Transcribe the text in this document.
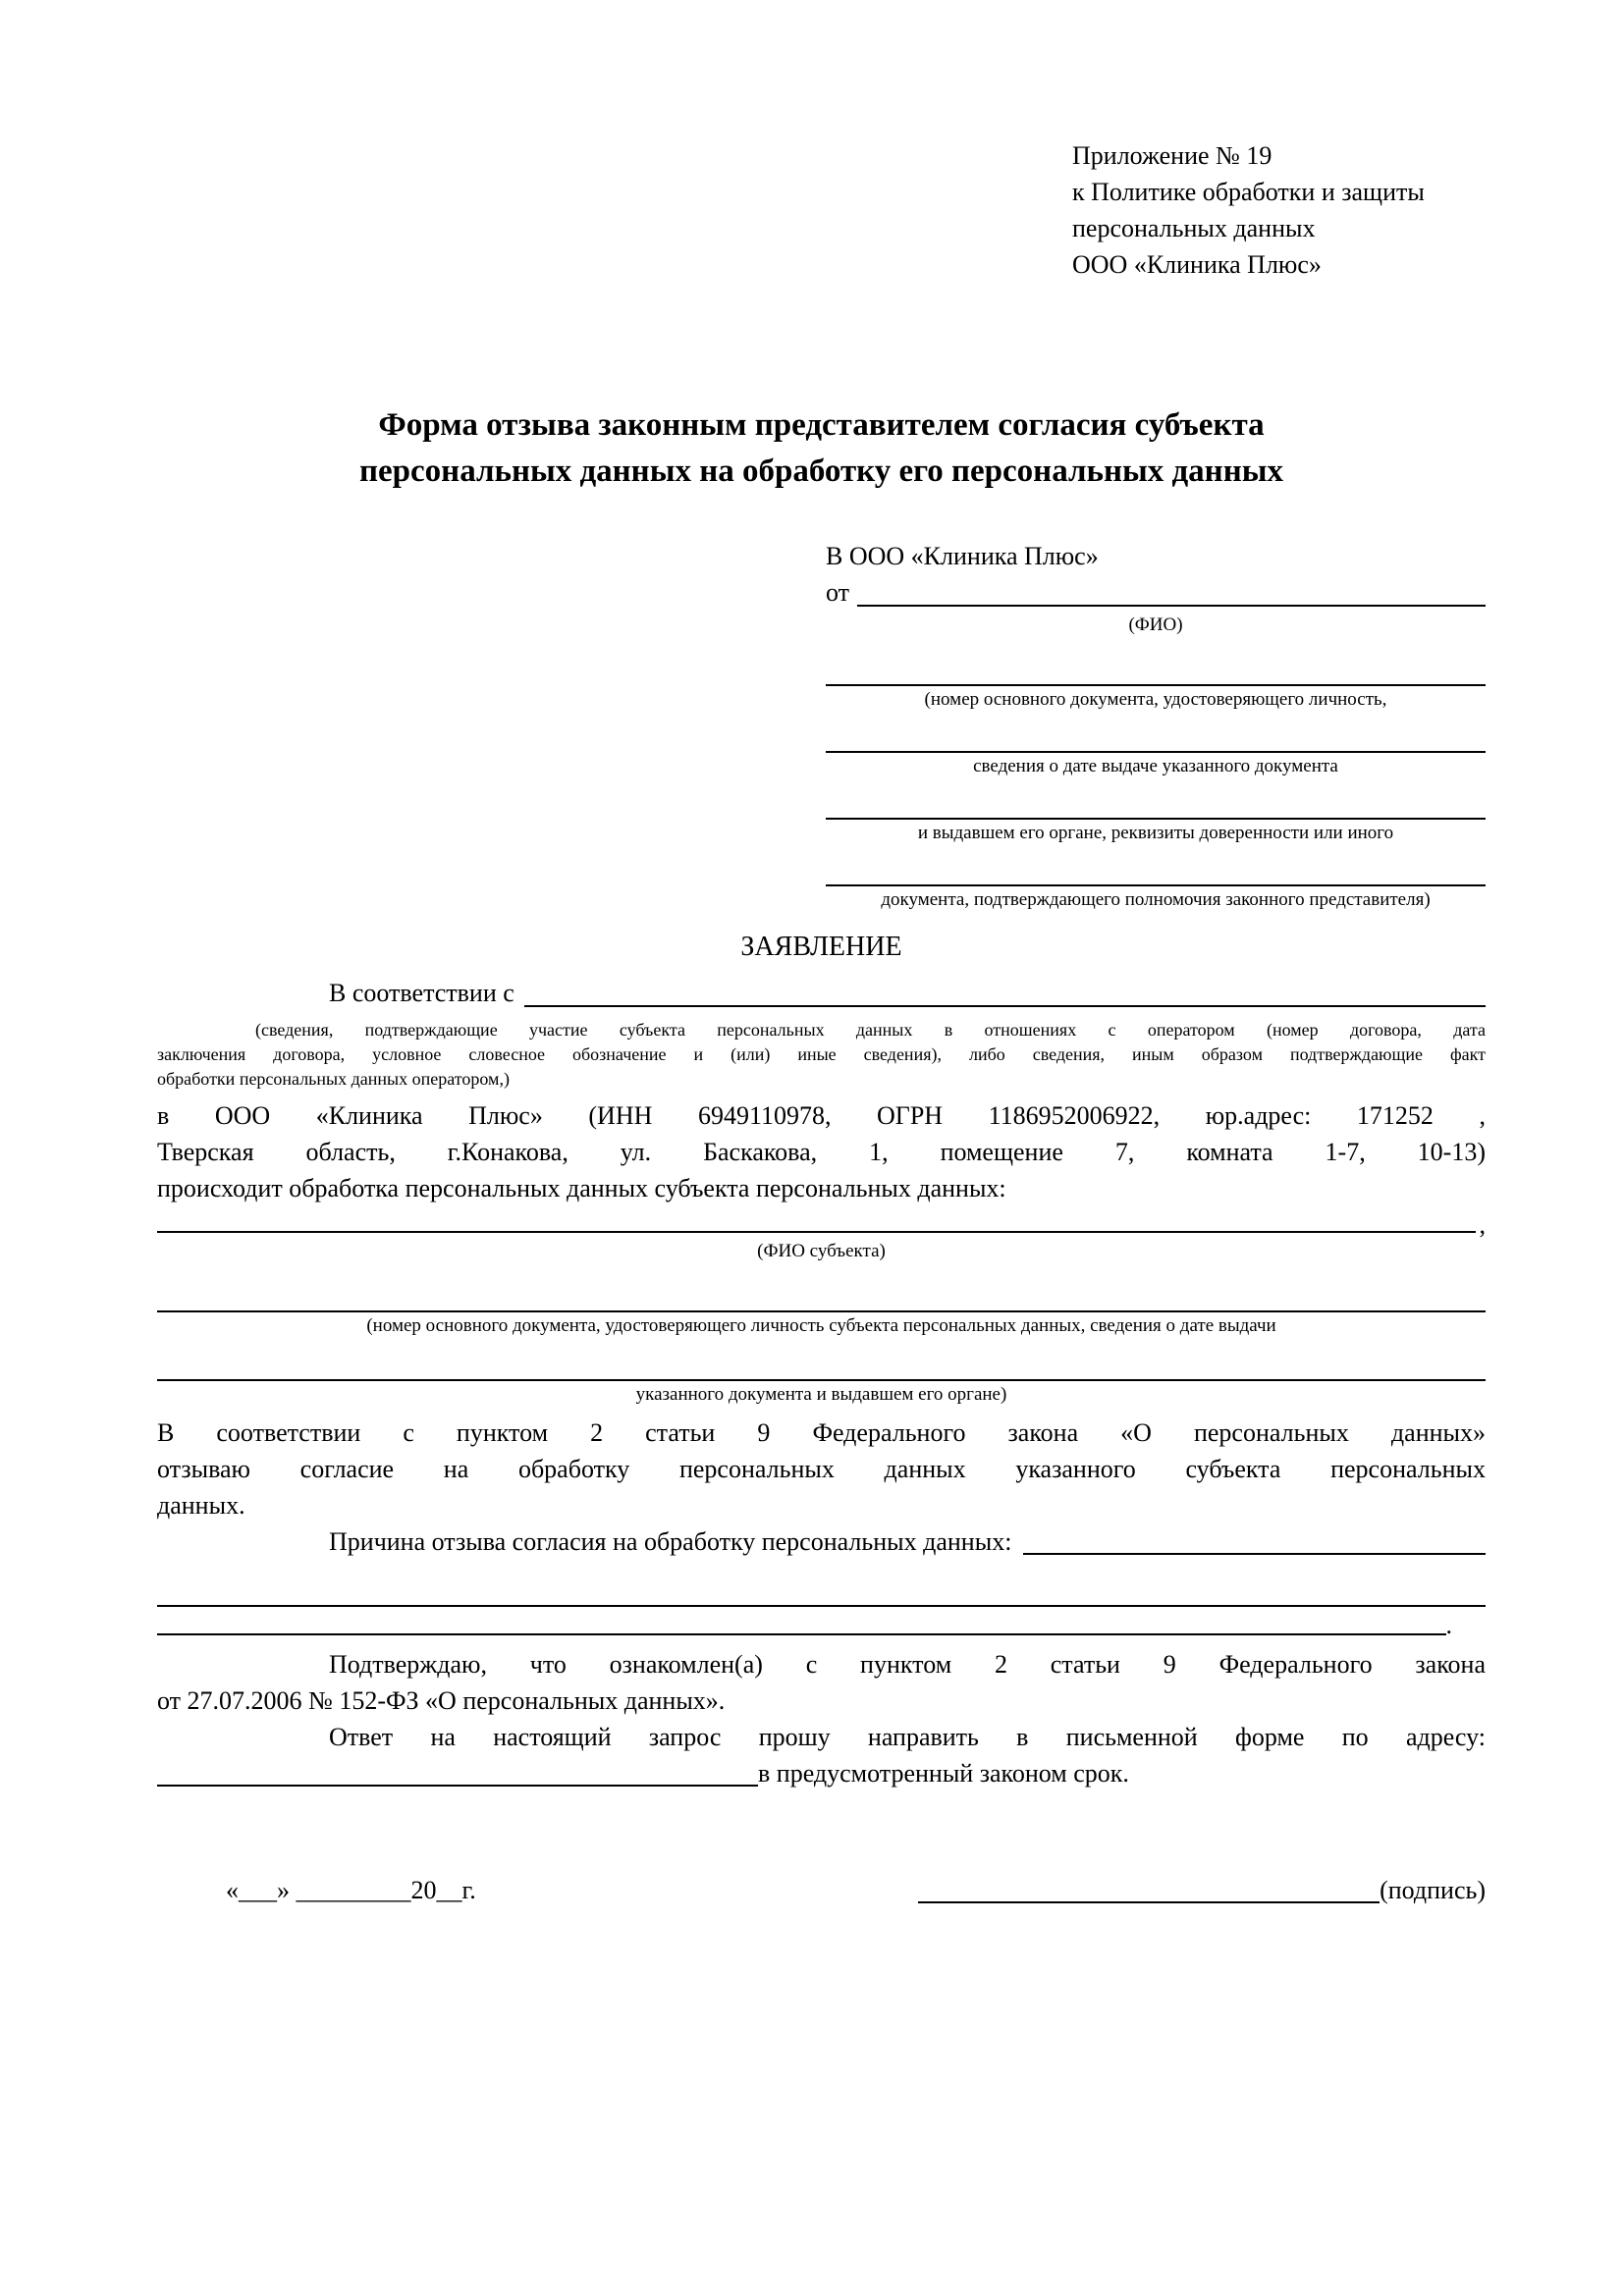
Приложение № 19
к Политике обработки и защиты
персональных данных
ООО «Клиника Плюс»
Форма отзыва законным представителем согласия субъекта персональных данных на обработку его персональных данных
В ООО «Клиника Плюс»
от
(ФИО)
(номер основного документа, удостоверяющего личность,
сведения о дате выдаче указанного документа
и выдавшем его органе, реквизиты доверенности или иного
документа, подтверждающего полномочия законного представителя)
ЗАЯВЛЕНИЕ
В соответствии с
(сведения, подтверждающие участие субъекта персональных данных в отношениях с оператором (номер договора, дата
заключения договора, условное словесное обозначение и (или) иные сведения), либо сведения, иным образом подтверждающие факт
обработки персональных данных оператором,)
в ООО «Клиника Плюс» (ИНН 6949110978, ОГРН 1186952006922, юр.адрес: 171252 ,
Тверская область, г.Конакова, ул. Баскакова, 1, помещение 7, комната 1-7, 10-13)
происходит обработка персональных данных субъекта персональных данных:
,
(ФИО субъекта)
(номер основного документа, удостоверяющего личность субъекта персональных данных, сведения о дате выдачи
указанного документа и выдавшем его органе)
В соответствии с пунктом 2 статьи 9 Федерального закона «О персональных данных»
отзываю согласие на обработку персональных данных указанного субъекта персональных
данных.
Причина отзыва согласия на обработку персональных данных:
.
Подтверждаю, что ознакомлен(а) с пунктом 2 статьи 9 Федерального закона
от 27.07.2006 № 152-ФЗ «О персональных данных».
Ответ на настоящий запрос прошу направить в письменной форме по адресу:
в предусмотренный законом срок.
«___» _________20__г.	(подпись)
